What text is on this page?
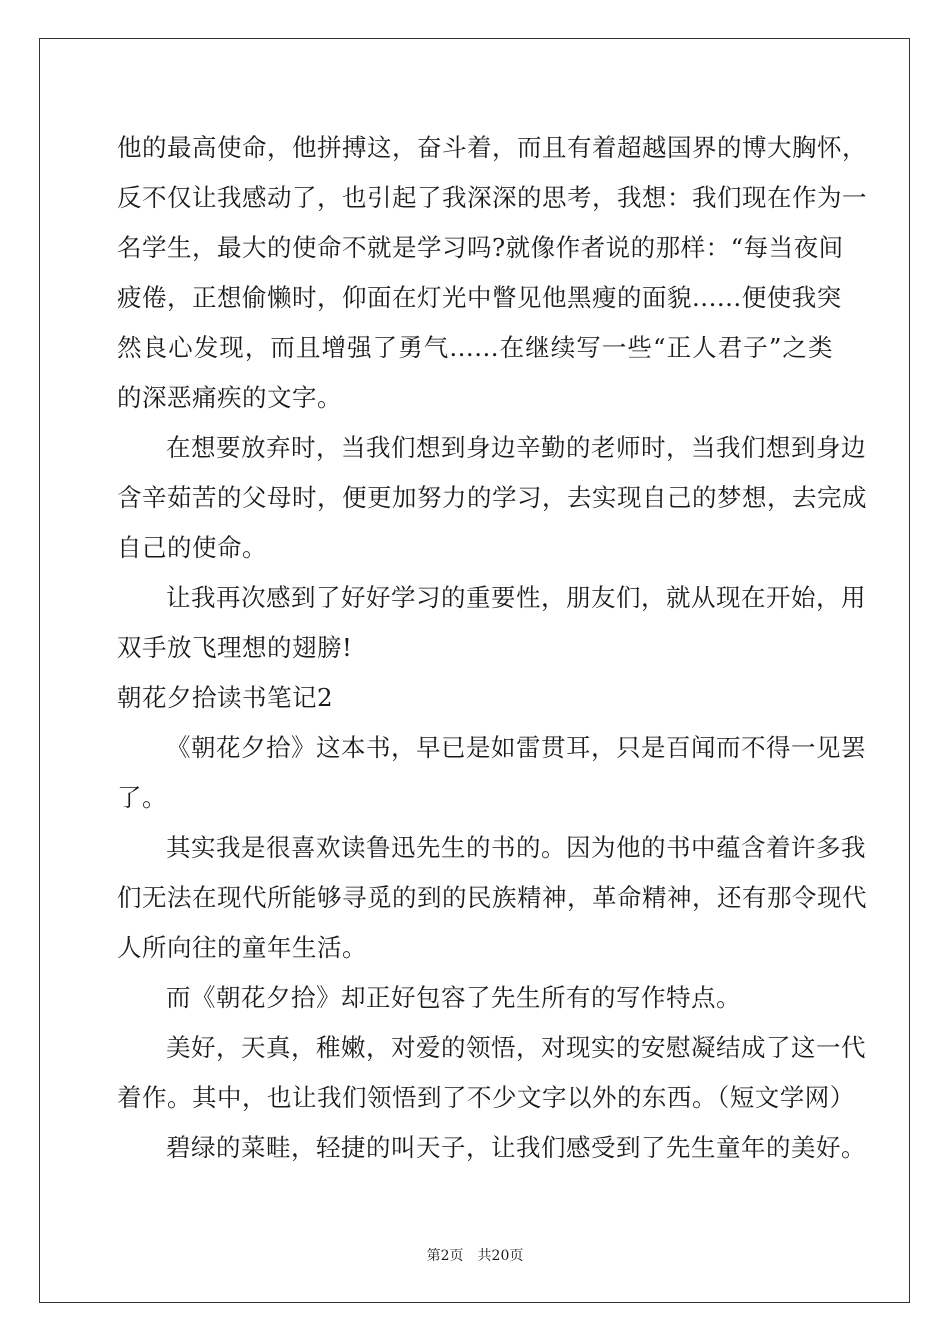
他的最高使命，他拼搏这，奋斗着，而且有着超越国界的博大胸怀，
反不仅让我感动了，也引起了我深深的思考，我想：我们现在作为一
名学生，最大的使命不就是学习吗?就像作者说的那样：“每当夜间
疲倦，正想偷懒时，仰面在灯光中瞥见他黑瘦的面貌......便使我突
然良心发现，而且增强了勇气......在继续写一些“正人君子”之类
的深恶痛疾的文字。
在想要放弃时，当我们想到身边辛勤的老师时，当我们想到身边
含辛茹苦的父母时，便更加努力的学习，去实现自己的梦想，去完成
自己的使命。
让我再次感到了好好学习的重要性，朋友们，就从现在开始，用
双手放飞理想的翅膀!
朝花夕拾读书笔记2
《朝花夕拾》这本书，早已是如雷贯耳，只是百闻而不得一见罢
了。
其实我是很喜欢读鲁迅先生的书的。因为他的书中蕴含着许多我
们无法在现代所能够寻觅的到的民族精神，革命精神，还有那令现代
人所向往的童年生活。
而《朝花夕拾》却正好包容了先生所有的写作特点。
美好，天真，稚嫩，对爱的领悟，对现实的安慰凝结成了这一代
着作。其中，也让我们领悟到了不少文字以外的东西。（短文学网）
碧绿的菜畦，轻捷的叫天子，让我们感受到了先生童年的美好。
第2页 共20页
